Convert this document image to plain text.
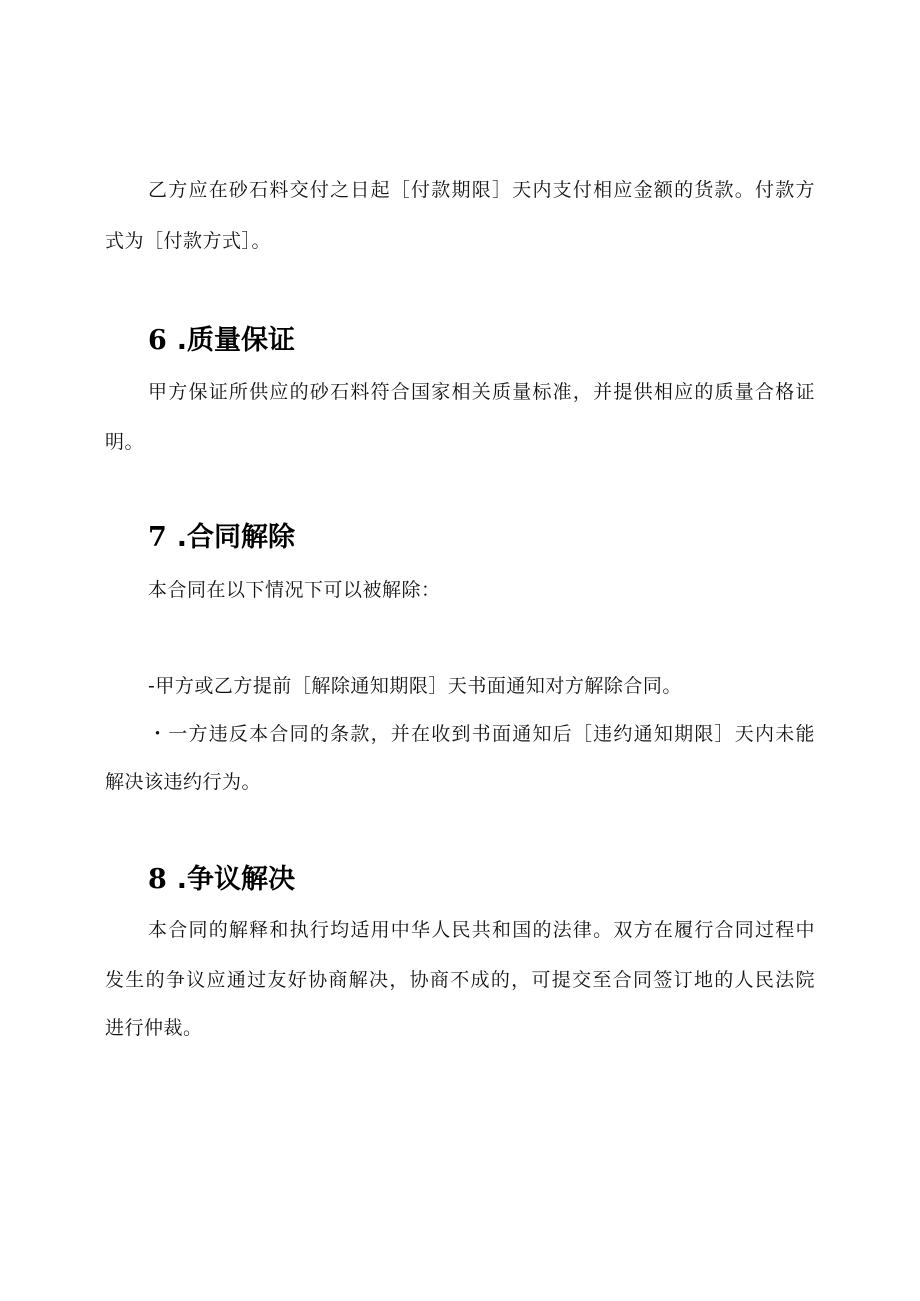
乙方应在砂石料交付之日起［付款期限］天内支付相应金额的货款。付款方

式为［付款方式］。

6 .质量保证

甲方保证所供应的砂石料符合国家相关质量标准，并提供相应的质量合格证

明。

7 .合同解除

本合同在以下情况下可以被解除：

-甲方或乙方提前［解除通知期限］天书面通知对方解除合同。

・一方违反本合同的条款，并在收到书面通知后［违约通知期限］天内未能

解决该违约行为。

8 .争议解决

本合同的解释和执行均适用中华人民共和国的法律。双方在履行合同过程中

发生的争议应通过友好协商解决，协商不成的，可提交至合同签订地的人民法院

进行仲裁。
